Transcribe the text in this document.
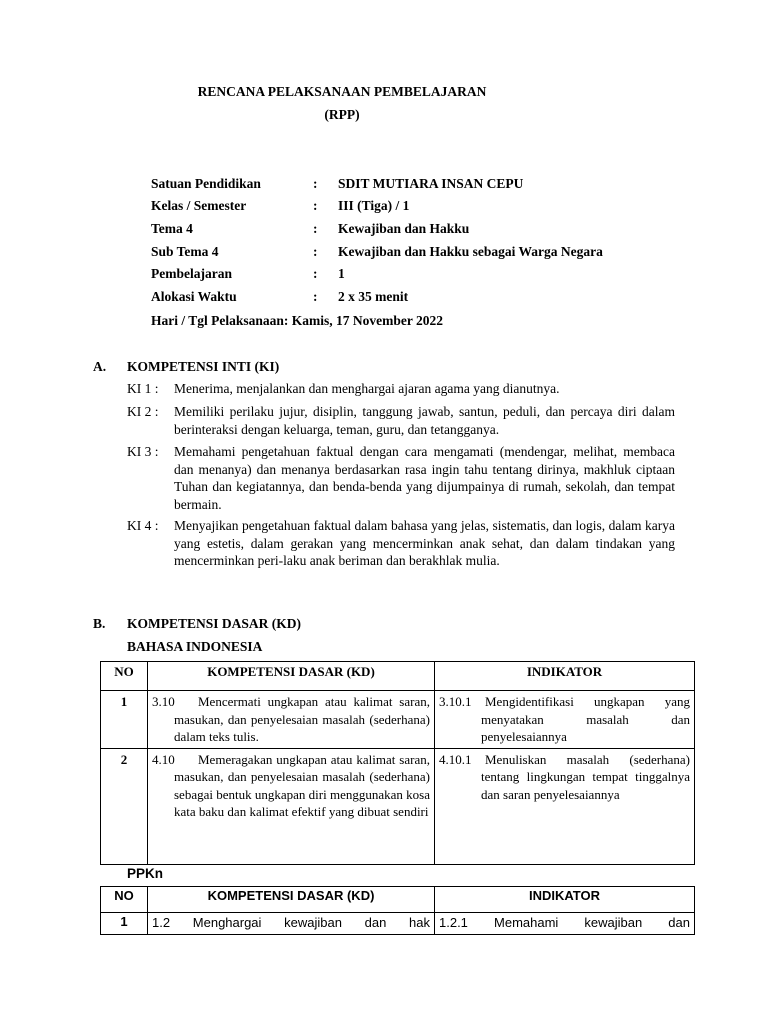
RENCANA PELAKSANAAN PEMBELAJARAN
(RPP)
Satuan Pendidikan	: SDIT MUTIARA INSAN CEPU
Kelas / Semester	: III (Tiga) / 1
Tema 4	: Kewajiban dan Hakku
Sub Tema 4	: Kewajiban dan Hakku sebagai Warga Negara
Pembelajaran	: 1
Alokasi Waktu	: 2 x 35 menit
Hari / Tgl Pelaksanaan: Kamis, 17 November 2022
A. KOMPETENSI INTI (KI)
KI 1 :	Menerima, menjalankan dan menghargai ajaran agama yang dianutnya.
KI 2 :	Memiliki perilaku jujur, disiplin, tanggung jawab, santun, peduli, dan percaya diri dalam berinteraksi dengan keluarga, teman, guru, dan tetangganya.
KI 3 :	Memahami pengetahuan faktual dengan cara mengamati (mendengar, melihat, membaca dan menanya) dan menanya berdasarkan rasa ingin tahu tentang dirinya, makhluk ciptaan Tuhan dan kegiatannya, dan benda-benda yang dijumpainya di rumah, sekolah, dan tempat bermain.
KI 4 :	Menyajikan pengetahuan faktual dalam bahasa yang jelas, sistematis, dan logis, dalam karya yang estetis, dalam gerakan yang mencerminkan anak sehat, dan dalam tindakan yang mencerminkan peri-laku anak beriman dan berakhlak mulia.
B. KOMPETENSI DASAR (KD)
BAHASA INDONESIA
NO	KOMPETENSI DASAR (KD)	INDIKATOR
1	3.10 Mencermati ungkapan atau kalimat saran, masukan, dan penyelesaian masalah (sederhana) dalam teks tulis.	3.10.1 Mengidentifikasi ungkapan yang menyatakan masalah dan penyelesaiannya

2	4.10 Memeragakan ungkapan atau kalimat saran, masukan, dan penyelesaian masalah (sederhana) sebagai bentuk ungkapan diri menggunakan kosa kata baku dan kalimat efektif yang dibuat sendiri	4.10.1 Menuliskan masalah (sederhana) tentang lingkungan tempat tinggalnya dan saran penyelesaiannya
PPKn
NO	KOMPETENSI DASAR (KD)	INDIKATOR
1	1.2 Menghargai kewajiban dan hak	1.2.1 Memahami kewajiban dan
